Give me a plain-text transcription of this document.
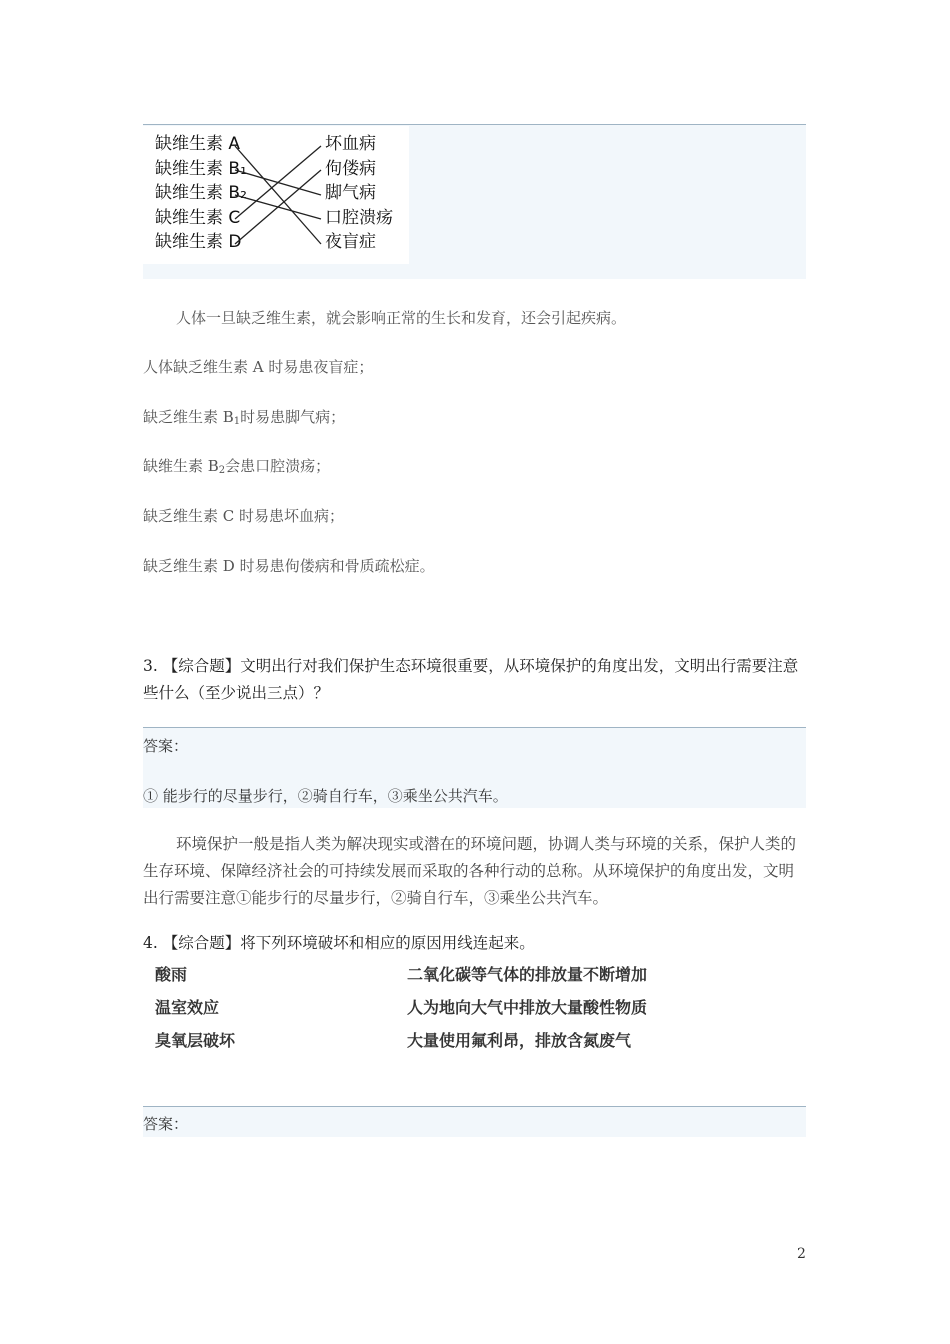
缺维生素 A
缺维生素 B₁
缺维生素 B₂
缺维生素 C
缺维生素 D
坏血病
佝偻病
脚气病
口腔溃疡
夜盲症
人体一旦缺乏维生素，就会影响正常的生长和发育，还会引起疾病。
人体缺乏维生素 A 时易患夜盲症；
缺乏维生素 $B_1$时易患脚气病；
缺维生素 $B_2$会患口腔溃疡；
缺乏维生素 C 时易患坏血病；
缺乏维生素 D 时易患佝偻病和骨质疏松症。
3. 【综合题】文明出行对我们保护生态环境很重要，从环境保护的角度出发，文明出行需要注意些什么（至少说出三点）？
答案：
① 能步行的尽量步行，②骑自行车，③乘坐公共汽车。
环境保护一般是指人类为解决现实或潜在的环境问题，协调人类与环境的关系，保护人类的生存环境、保障经济社会的可持续发展而采取的各种行动的总称。从环境保护的角度出发，文明出行需要注意①能步行的尽量步行，②骑自行车，③乘坐公共汽车。
4. 【综合题】将下列环境破坏和相应的原因用线连起来。
酸雨	二氧化碳等气体的排放量不断增加
温室效应	人为地向大气中排放大量酸性物质
臭氧层破坏	大量使用氟利昂，排放含氮废气
答案：
2
